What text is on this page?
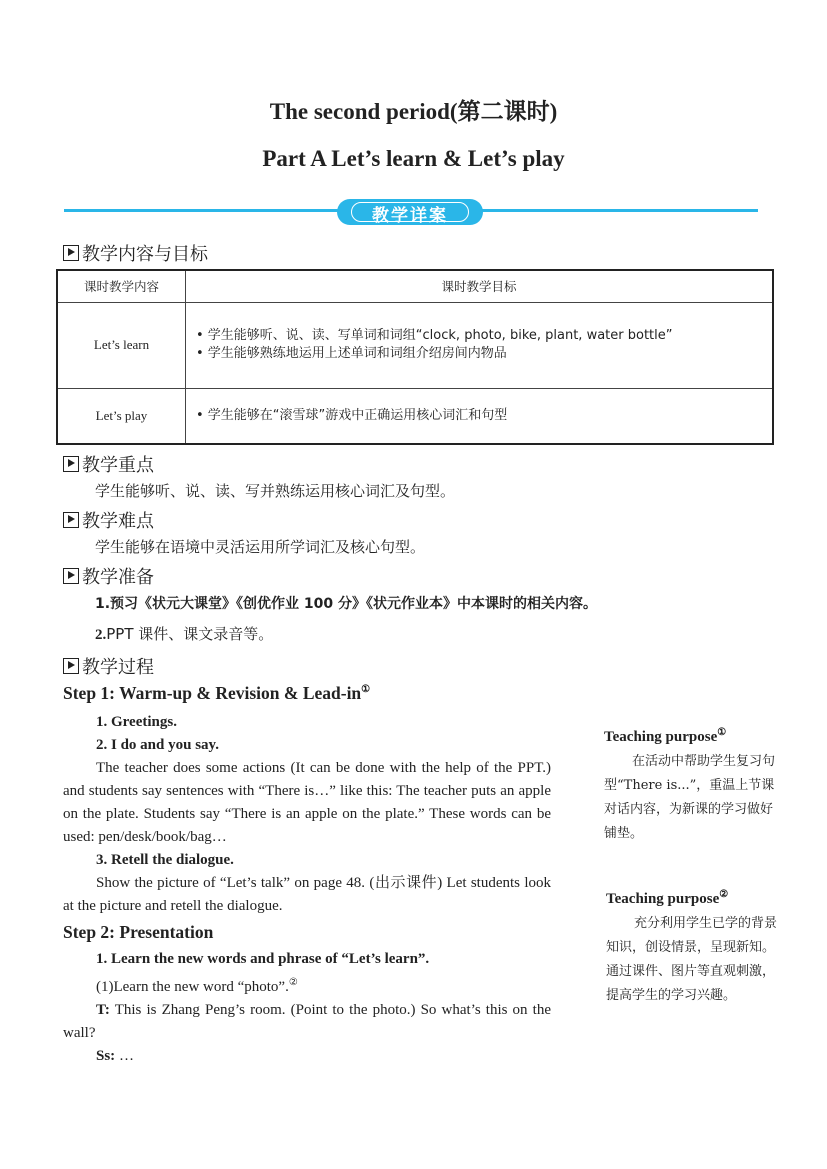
The second period(第二课时)
Part A Let’s learn & Let’s play
教学详案
教学内容与目标
课时教学内容	课时教学目标
Let’s learn	• 学生能够听、说、读、写单词和词组“clock, photo, bike, plant, water bottle”
• 学生能够熟练地运用上述单词和词组介绍房间内物品

Let’s play	• 学生能够在“滚雪球”游戏中正确运用核心词汇和句型
教学重点
学生能够听、说、读、写并熟练运用核心词汇及句型。
教学难点
学生能够在语境中灵活运用所学词汇及核心句型。
教学准备
1.预习《状元大课堂》《创优作业 100 分》《状元作业本》中本课时的相关内容。
2.PPT 课件、课文录音等。
教学过程
Step 1: Warm-up & Revision & Lead-in①
1. Greetings.
2. I do and you say.
The teacher does some actions (It can be done with the help of the PPT.) and students say sentences with “There is…” like this: The teacher puts an apple on the plate. Students say “There is an apple on the plate.” These words can be used: pen/desk/book/bag…
3. Retell the dialogue.
Show the picture of “Let’s talk” on page 48. (出示课件) Let students look at the picture and retell the dialogue.
Step 2: Presentation
1. Learn the new words and phrase of “Let’s learn”.
(1)Learn the new word “photo”.②
T: This is Zhang Peng’s room. (Point to the photo.) So what’s this on the wall?
Ss: …
Teaching purpose①
在活动中帮助学生复习句型“There is...”，重温上节课对话内容，为新课的学习做好铺垫。
Teaching purpose②
充分利用学生已学的背景知识，创设情景，呈现新知。通过课件、图片等直观刺激，提高学生的学习兴趣。
